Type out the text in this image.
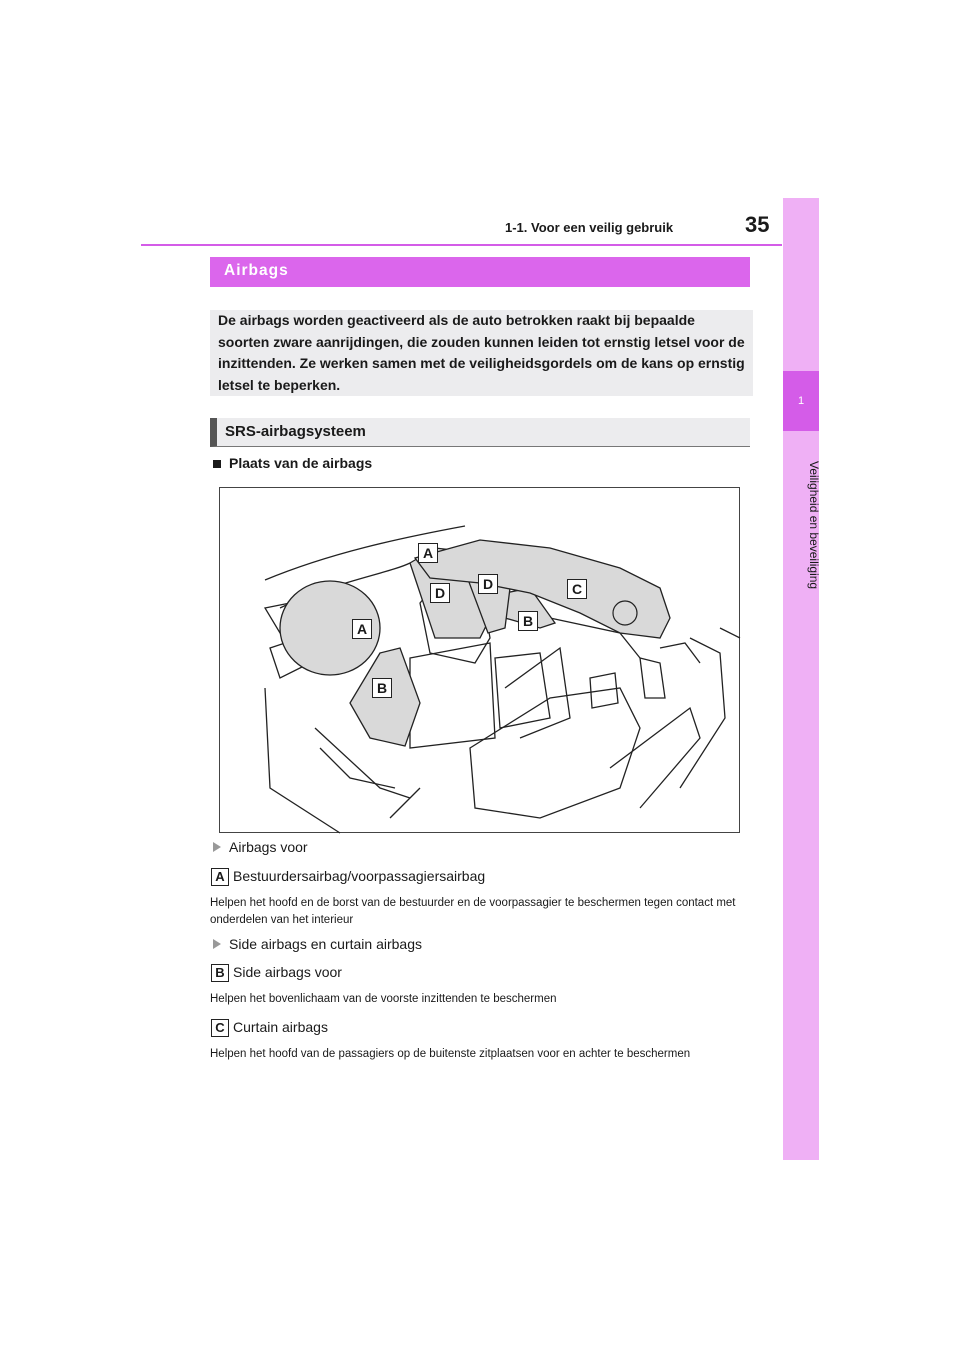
1-1. Voor een veilig gebruik	35
1
Veiligheid en beveiliging
Airbags

De airbags worden geactiveerd als de auto betrokken raakt bij bepaalde soorten zware aanrijdingen, die zouden kunnen leiden tot ernstig letsel voor de inzittenden. Ze werken samen met de veiligheidsgordels om de kans op ernstig letsel te beperken.

SRS-airbagsysteem
Plaats van de airbags
A
D
D	C
A	B
B
Airbags voor
A Bestuurdersairbag/voorpassagiersairbag
Helpen het hoofd en de borst van de bestuurder en de voorpassagier te beschermen tegen contact met onderdelen van het interieur
Side airbags en curtain airbags
B Side airbags voor
Helpen het bovenlichaam van de voorste inzittenden te beschermen
C Curtain airbags
Helpen het hoofd van de passagiers op de buitenste zitplaatsen voor en achter te beschermen
